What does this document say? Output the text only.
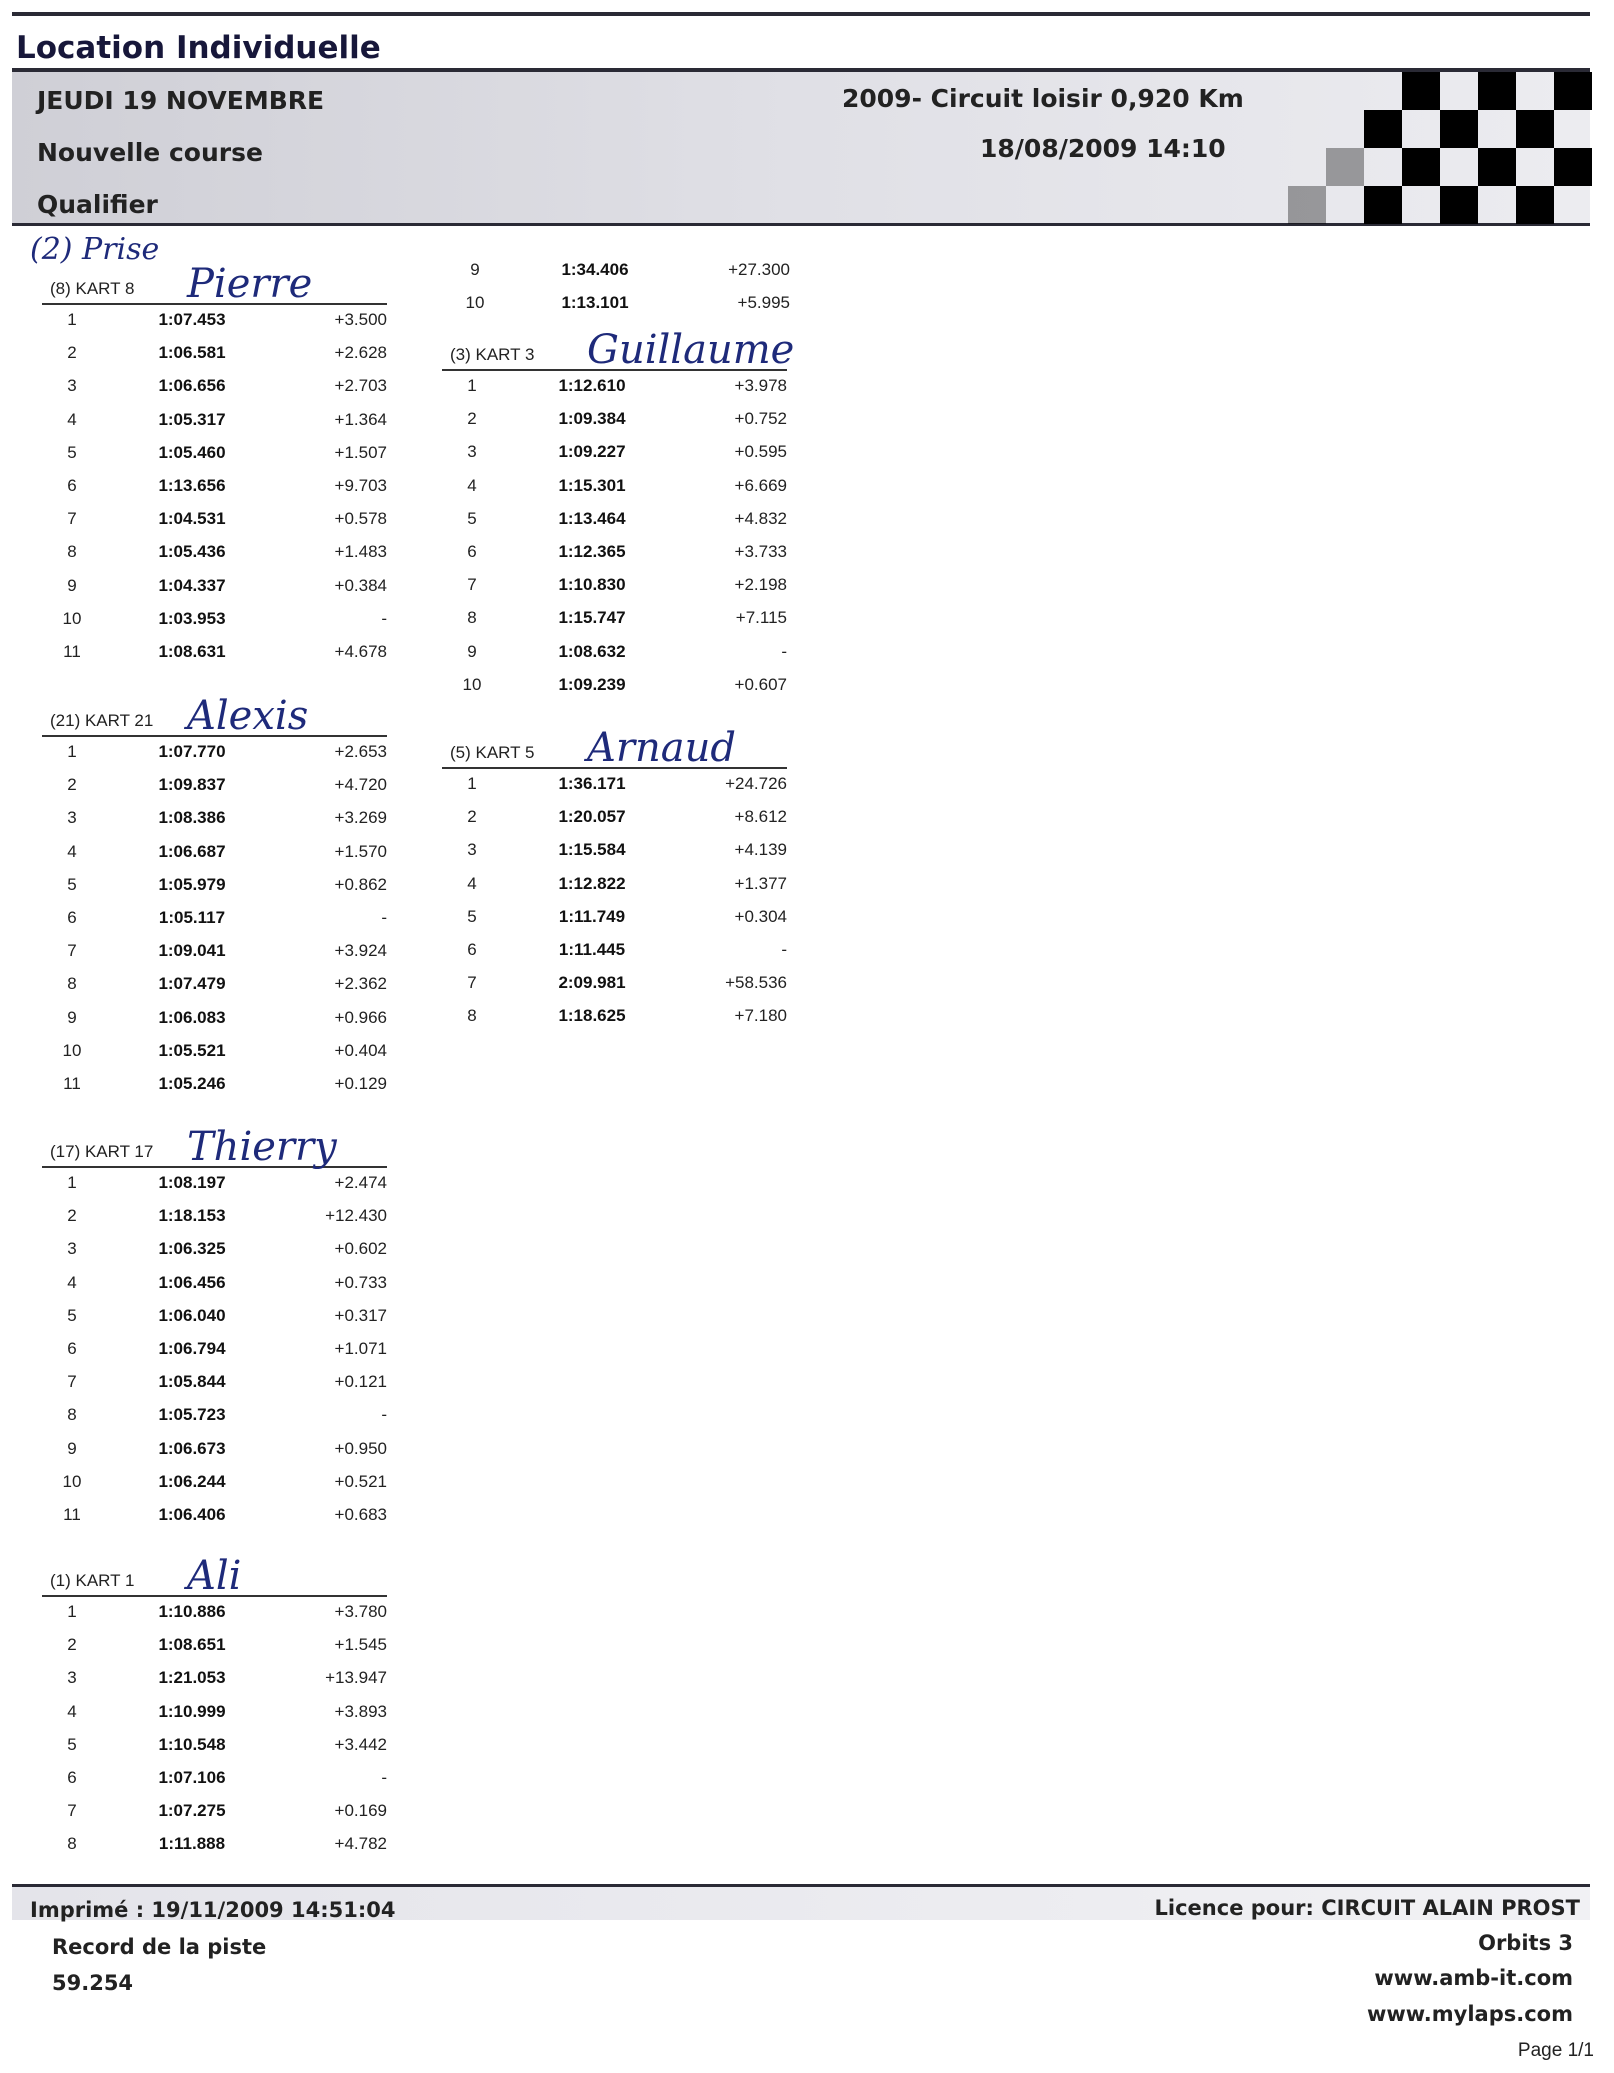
Location Individuelle
JEUDI 19 NOVEMBRE
Nouvelle course
Qualifier
2009- Circuit loisir 0,920 Km
18/08/2009 14:10
(2) Prise
(8) KART 8 Pierre
1	1:07.453	+3.500
2	1:06.581	+2.628
3	1:06.656	+2.703
4	1:05.317	+1.364
5	1:05.460	+1.507
6	1:13.656	+9.703
7	1:04.531	+0.578
8	1:05.436	+1.483
9	1:04.337	+0.384
10	1:03.953	-
11	1:08.631	+4.678
(21) KART 21 Alexis
1	1:07.770	+2.653
2	1:09.837	+4.720
3	1:08.386	+3.269
4	1:06.687	+1.570
5	1:05.979	+0.862
6	1:05.117	-
7	1:09.041	+3.924
8	1:07.479	+2.362
9	1:06.083	+0.966
10	1:05.521	+0.404
11	1:05.246	+0.129
(17) KART 17 Thierry
1	1:08.197	+2.474
2	1:18.153	+12.430
3	1:06.325	+0.602
4	1:06.456	+0.733
5	1:06.040	+0.317
6	1:06.794	+1.071
7	1:05.844	+0.121
8	1:05.723	-
9	1:06.673	+0.950
10	1:06.244	+0.521
11	1:06.406	+0.683
(1) KART 1 Ali
1	1:10.886	+3.780
2	1:08.651	+1.545
3	1:21.053	+13.947
4	1:10.999	+3.893
5	1:10.548	+3.442
6	1:07.106	-
7	1:07.275	+0.169
8	1:11.888	+4.782
9	1:34.406	+27.300
10	1:13.101	+5.995
(3) KART 3 Guillaume
1	1:12.610	+3.978
2	1:09.384	+0.752
3	1:09.227	+0.595
4	1:15.301	+6.669
5	1:13.464	+4.832
6	1:12.365	+3.733
7	1:10.830	+2.198
8	1:15.747	+7.115
9	1:08.632	-
10	1:09.239	+0.607
(5) KART 5 Arnaud
1	1:36.171	+24.726
2	1:20.057	+8.612
3	1:15.584	+4.139
4	1:12.822	+1.377
5	1:11.749	+0.304
6	1:11.445	-
7	2:09.981	+58.536
8	1:18.625	+7.180
Imprimé : 19/11/2009 14:51:04
Record de la piste
59.254
Licence pour: CIRCUIT ALAIN PROST
Orbits 3
www.amb-it.com
www.mylaps.com
Page 1/1
